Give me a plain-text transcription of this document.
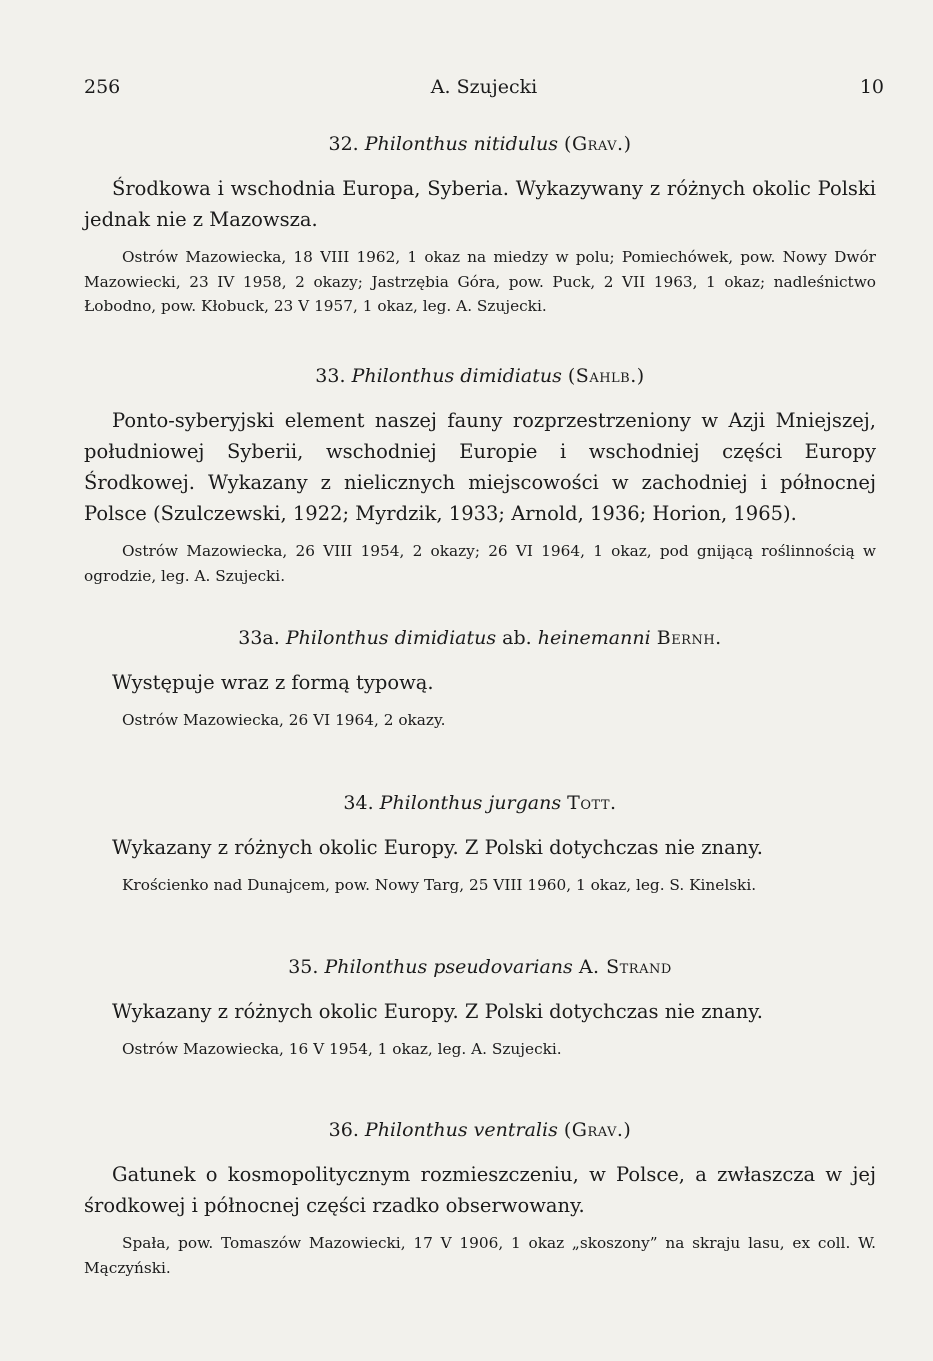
256	A. Szujecki	10
32. Philonthus nitidulus (Grav.)

Środkowa i wschodnia Europa, Syberia. Wykazywany z różnych okolic Polski jednak nie z Mazowsza.

Ostrów Mazowiecka, 18 VIII 1962, 1 okaz na miedzy w polu; Pomiechówek, pow. Nowy Dwór Mazowiecki, 23 IV 1958, 2 okazy; Jastrzębia Góra, pow. Puck, 2 VII 1963, 1 okaz; nadleśnictwo Łobodno, pow. Kłobuck, 23 V 1957, 1 okaz, leg. A. Szujecki.

33. Philonthus dimidiatus (Sahlb.)

Ponto-syberyjski element naszej fauny rozprzestrzeniony w Azji Mniejszej, południowej Syberii, wschodniej Europie i wschodniej części Europy Środkowej. Wykazany z nielicznych miejscowości w zachodniej i północnej Polsce (Szulczewski, 1922; Myrdzik, 1933; Arnold, 1936; Horion, 1965).

Ostrów Mazowiecka, 26 VIII 1954, 2 okazy; 26 VI 1964, 1 okaz, pod gnijącą roślinnością w ogrodzie, leg. A. Szujecki.

33a. Philonthus dimidiatus ab. heinemanni Bernh.

Występuje wraz z formą typową.

Ostrów Mazowiecka, 26 VI 1964, 2 okazy.

34. Philonthus jurgans Tott.

Wykazany z różnych okolic Europy. Z Polski dotychczas nie znany.

Krościenko nad Dunajcem, pow. Nowy Targ, 25 VIII 1960, 1 okaz, leg. S. Kinelski.

35. Philonthus pseudovarians A. Strand

Wykazany z różnych okolic Europy. Z Polski dotychczas nie znany.

Ostrów Mazowiecka, 16 V 1954, 1 okaz, leg. A. Szujecki.

36. Philonthus ventralis (Grav.)

Gatunek o kosmopolitycznym rozmieszczeniu, w Polsce, a zwłaszcza w jej środkowej i północnej części rzadko obserwowany.

Spała, pow. Tomaszów Mazowiecki, 17 V 1906, 1 okaz „skoszony” na skraju lasu, ex coll. W. Mączyński.
